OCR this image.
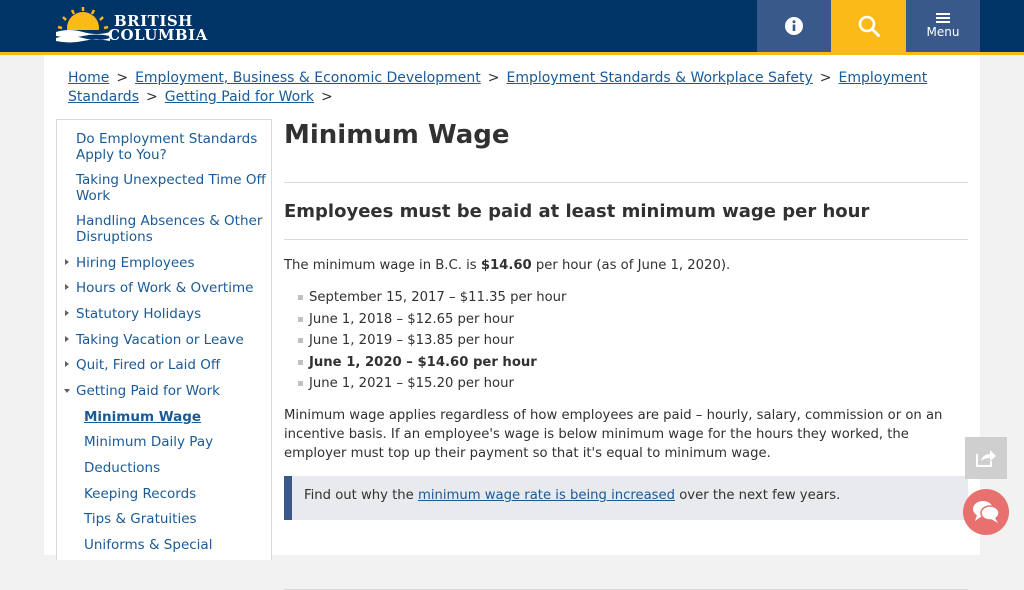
BRITISH
COLUMBIA	Menu
Home > Employment, Business & Economic Development > Employment Standards & Workplace Safety > Employment Standards > Getting Paid for Work >
Do Employment Standards Apply to You?
Taking Unexpected Time Off Work
Handling Absences & Other Disruptions
Hiring Employees
Hours of Work & Overtime
Statutory Holidays
Taking Vacation or Leave
Quit, Fired or Laid Off
Getting Paid for Work
Minimum Wage
Minimum Daily Pay
Deductions
Keeping Records
Tips & Gratuities
Uniforms & Special
Minimum Wage
Employees must be paid at least minimum wage per hour
The minimum wage in B.C. is $14.60 per hour (as of June 1, 2020).
September 15, 2017 – $11.35 per hour
June 1, 2018 – $12.65 per hour
June 1, 2019 – $13.85 per hour
June 1, 2020 – $14.60 per hour
June 1, 2021 – $15.20 per hour
Minimum wage applies regardless of how employees are paid – hourly, salary, commission or on an incentive basis. If an employee's wage is below minimum wage for the hours they worked, the employer must top up their payment so that it's equal to minimum wage.
Find out why the minimum wage rate is being increased over the next few years.
